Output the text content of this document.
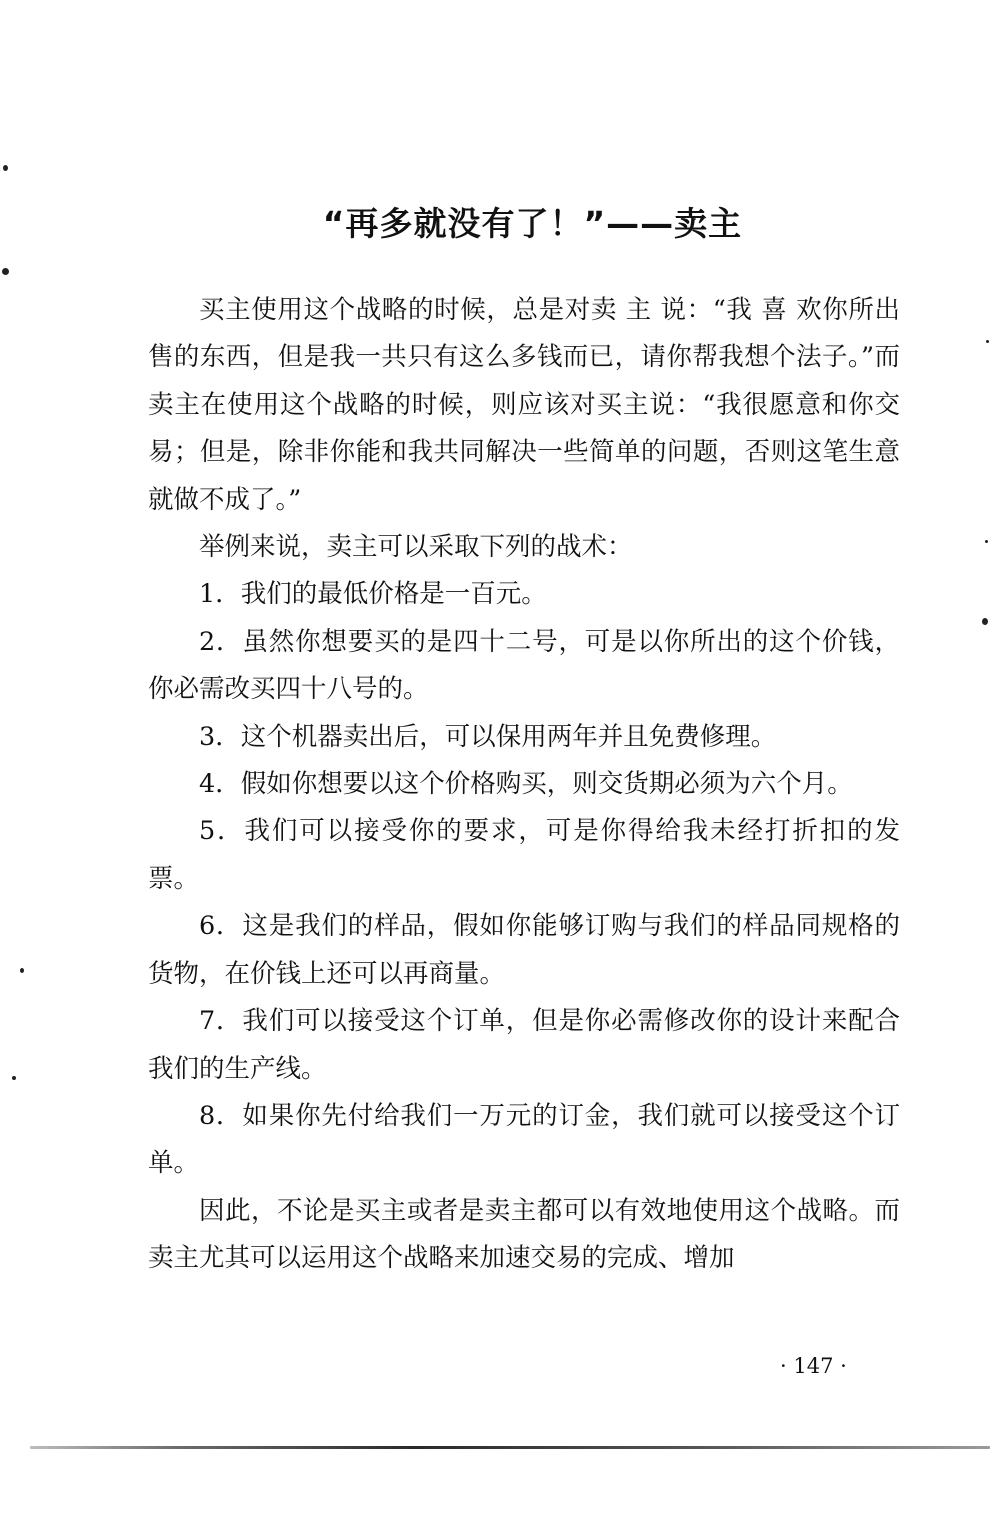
“再多就没有了！”——卖主

买主使用这个战略的时候，总是对卖 主 说：“我 喜 欢你所出售的东西，但是我一共只有这么多钱而已，请你帮我想个法子。”而卖主在使用这个战略的时候，则应该对买主说：“我很愿意和你交易；但是，除非你能和我共同解决一些简单的问题，否则这笔生意就做不成了。”

举例来说，卖主可以采取下列的战术：

1．我们的最低价格是一百元。

2．虽然你想要买的是四十二号，可是以你所出的这个价钱，你必需改买四十八号的。

3．这个机器卖出后，可以保用两年并且免费修理。

4．假如你想要以这个价格购买，则交货期必须为六个月。

5．我们可以接受你的要求，可是你得给我未经打折扣的发票。

6．这是我们的样品，假如你能够订购与我们的样品同规格的货物，在价钱上还可以再商量。

7．我们可以接受这个订单，但是你必需修改你的设计来配合我们的生产线。

8．如果你先付给我们一万元的订金，我们就可以接受这个订单。

因此，不论是买主或者是卖主都可以有效地使用这个战略。而卖主尤其可以运用这个战略来加速交易的完成、增加

· 147 ·
